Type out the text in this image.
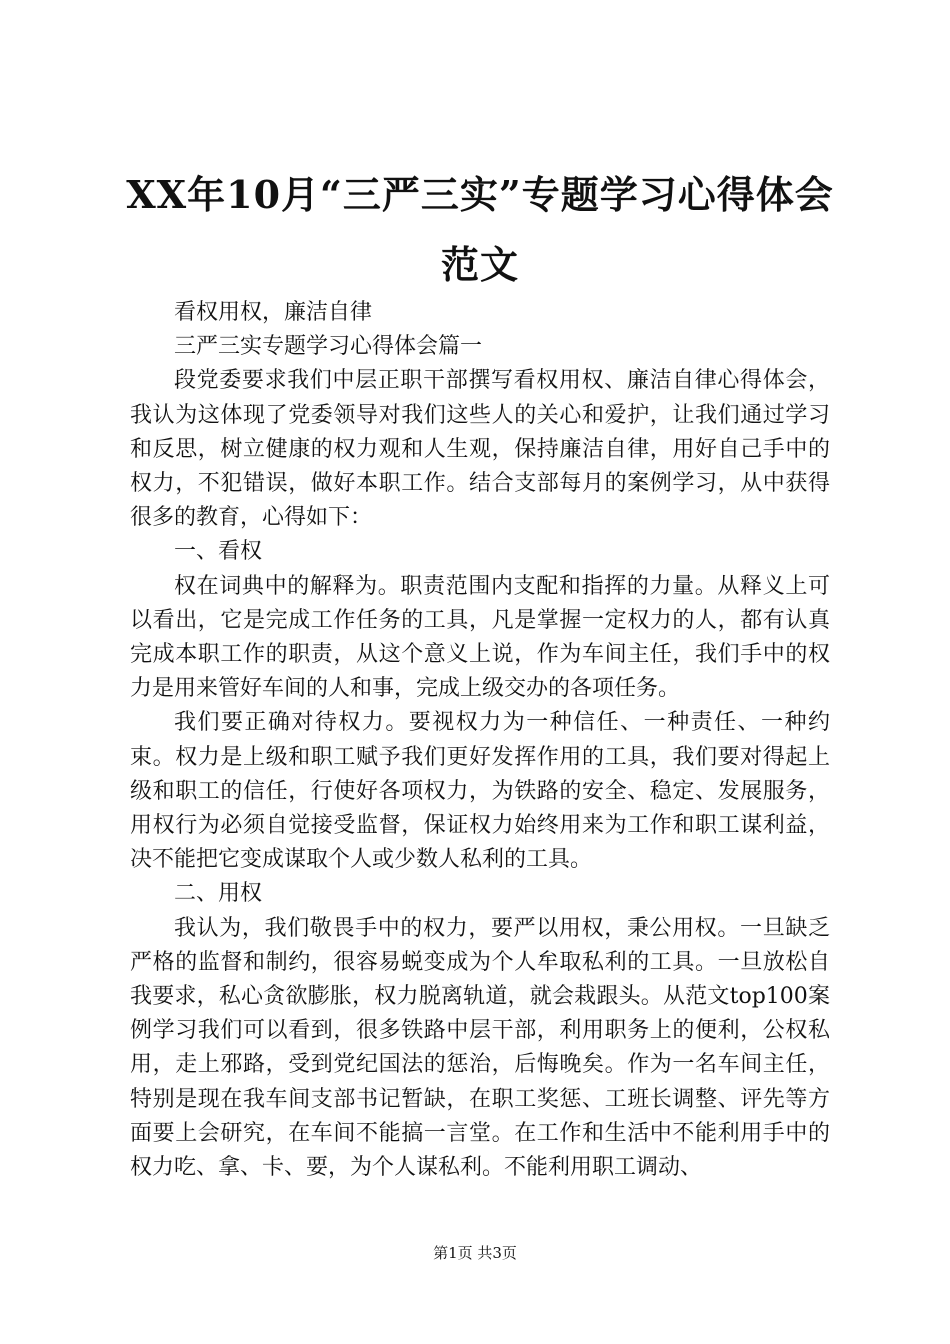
XX年10月“三严三实”专题学习心得体会范文

看权用权，廉洁自律

三严三实专题学习心得体会篇一

段党委要求我们中层正职干部撰写看权用权、廉洁自律心得体会，我认为这体现了党委领导对我们这些人的关心和爱护，让我们通过学习和反思，树立健康的权力观和人生观，保持廉洁自律，用好自己手中的权力，不犯错误，做好本职工作。结合支部每月的案例学习，从中获得很多的教育，心得如下：

一、看权

权在词典中的解释为。职责范围内支配和指挥的力量。从释义上可以看出，它是完成工作任务的工具，凡是掌握一定权力的人，都有认真完成本职工作的职责，从这个意义上说，作为车间主任，我们手中的权力是用来管好车间的人和事，完成上级交办的各项任务。

我们要正确对待权力。要视权力为一种信任、一种责任、一种约束。权力是上级和职工赋予我们更好发挥作用的工具，我们要对得起上级和职工的信任，行使好各项权力，为铁路的安全、稳定、发展服务，用权行为必须自觉接受监督，保证权力始终用来为工作和职工谋利益，决不能把它变成谋取个人或少数人私利的工具。

二、用权

我认为，我们敬畏手中的权力，要严以用权，秉公用权。一旦缺乏严格的监督和制约，很容易蜕变成为个人牟取私利的工具。一旦放松自我要求，私心贪欲膨胀，权力脱离轨道，就会栽跟头。从范文top100案例学习我们可以看到，很多铁路中层干部，利用职务上的便利，公权私用，走上邪路，受到党纪国法的惩治，后悔晚矣。作为一名车间主任，特别是现在我车间支部书记暂缺，在职工奖惩、工班长调整、评先等方面要上会研究，在车间不能搞一言堂。在工作和生活中不能利用手中的权力吃、拿、卡、要，为个人谋私利。不能利用职工调动、

第1页 共3页
